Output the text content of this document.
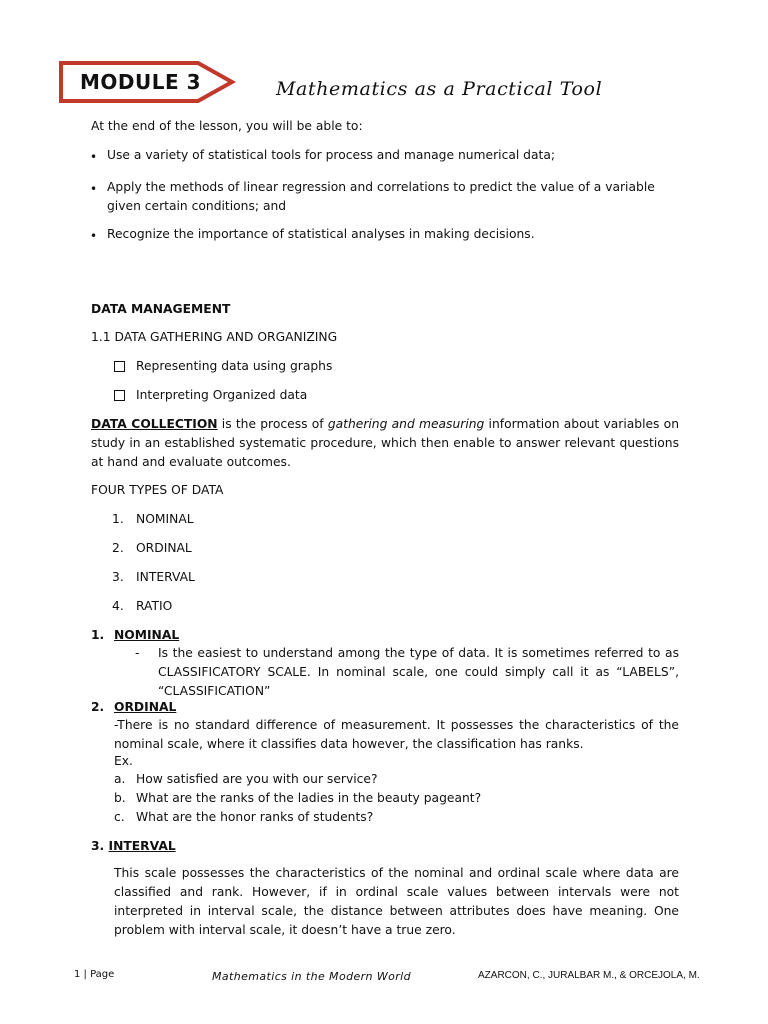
MODULE 3	Mathematics as a Practical Tool
At the end of the lesson, you will be able to:
• Use a variety of statistical tools for process and manage numerical data;
• Apply the methods of linear regression and correlations to predict the value of a variable given certain conditions; and
• Recognize the importance of statistical analyses in making decisions.
DATA MANAGEMENT
1.1 DATA GATHERING AND ORGANIZING
Representing data using graphs
Interpreting Organized data
DATA COLLECTION is the process of gathering and measuring information about variables on study in an established systematic procedure, which then enable to answer relevant questions at hand and evaluate outcomes.
FOUR TYPES OF DATA
1. NOMINAL
2. ORDINAL
3. INTERVAL
4. RATIO
1. NOMINAL
- Is the easiest to understand among the type of data. It is sometimes referred to as CLASSIFICATORY SCALE. In nominal scale, one could simply call it as “LABELS”, “CLASSIFICATION”
2. ORDINAL
-There is no standard difference of measurement. It possesses the characteristics of the nominal scale, where it classifies data however, the classification has ranks.
Ex.
a. How satisfied are you with our service?
b. What are the ranks of the ladies in the beauty pageant?
c. What are the honor ranks of students?
3. INTERVAL
This scale possesses the characteristics of the nominal and ordinal scale where data are classified and rank. However, if in ordinal scale values between intervals were not interpreted in interval scale, the distance between attributes does have meaning. One problem with interval scale, it doesn’t have a true zero.
1 | Page	Mathematics in the Modern World	AZARCON, C., JURALBAR M., & ORCEJOLA, M.
